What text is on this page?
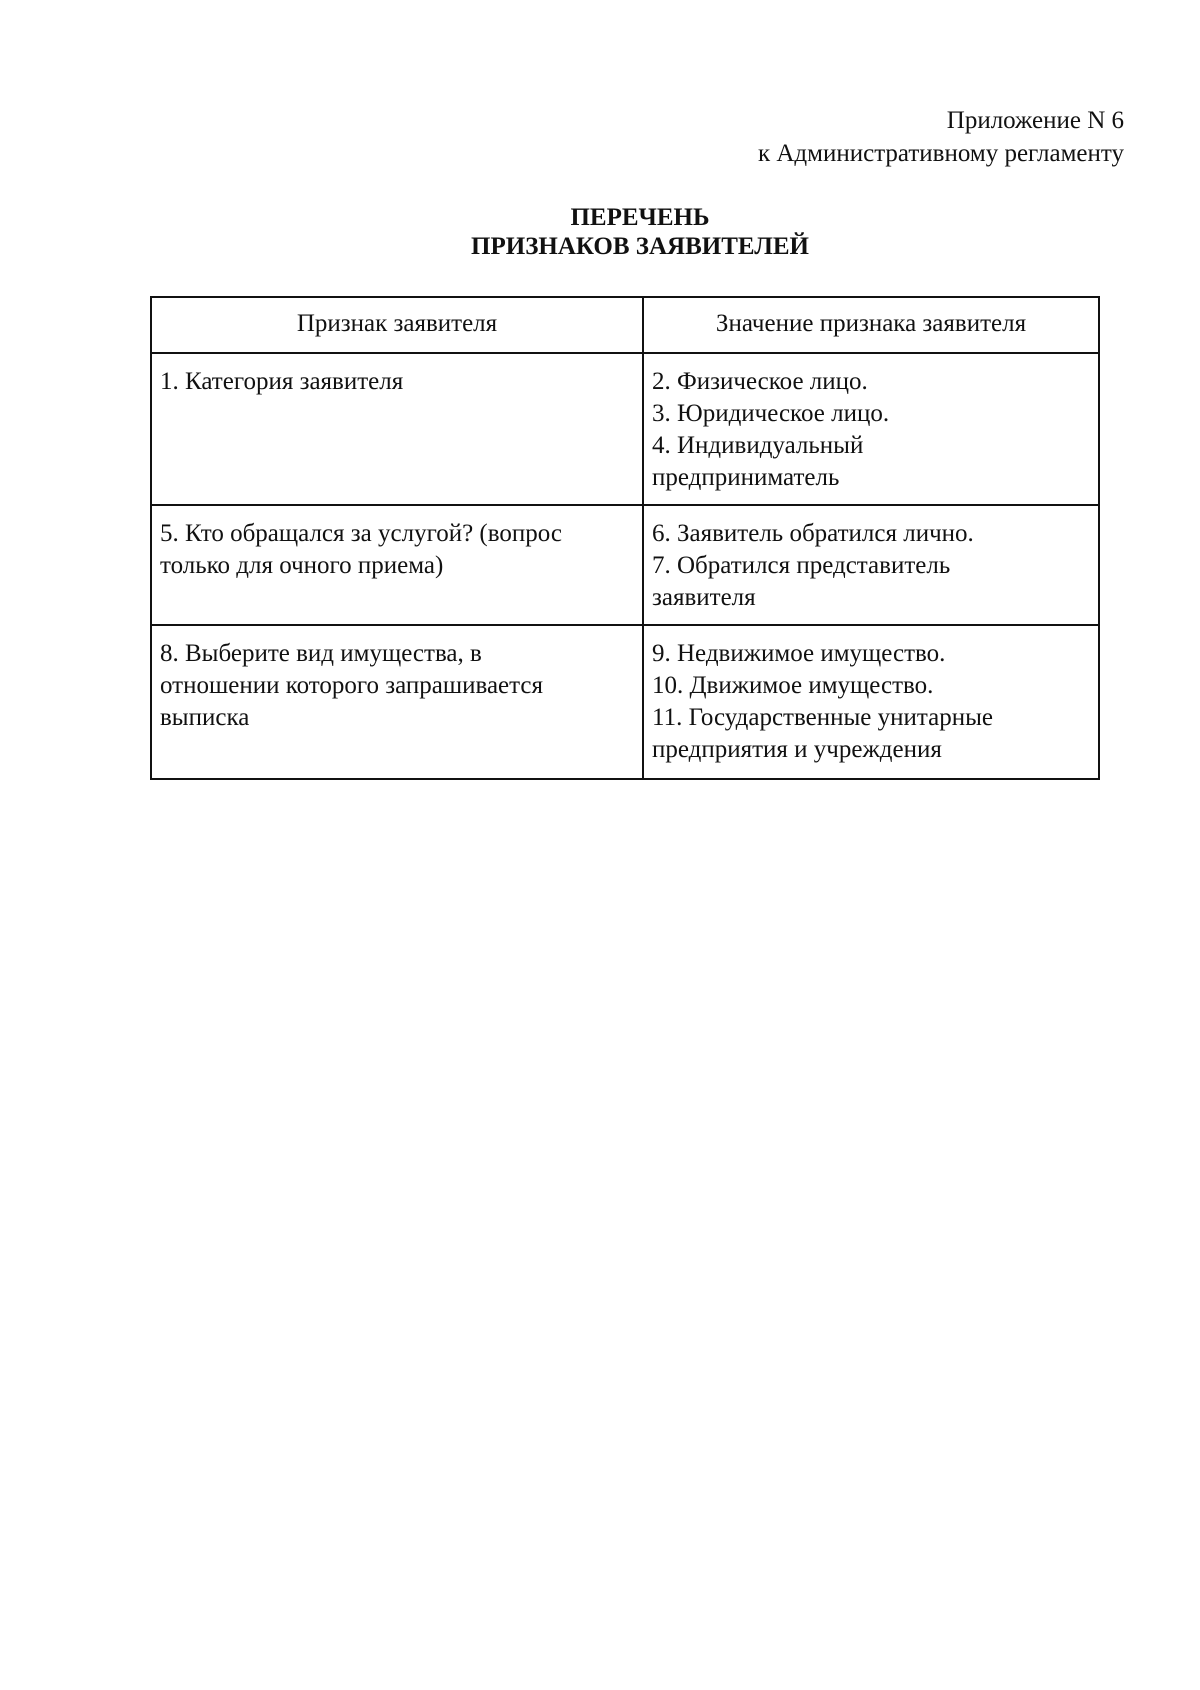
Приложение N 6
к Административному регламенту
ПЕРЕЧЕНЬ
ПРИЗНАКОВ ЗАЯВИТЕЛЕЙ
Признак заявителя	Значение признака заявителя

1. Категория заявителя	2. Физическое лицо.
3. Юридическое лицо.
4. Индивидуальный
предприниматель

5. Кто обращался за услугой? (вопрос
только для очного приема)	6. Заявитель обратился лично.
7. Обратился представитель
заявителя

8. Выберите вид имущества, в
отношении которого запрашивается
выписка	9. Недвижимое имущество.
10. Движимое имущество.
11. Государственные унитарные
предприятия и учреждения
